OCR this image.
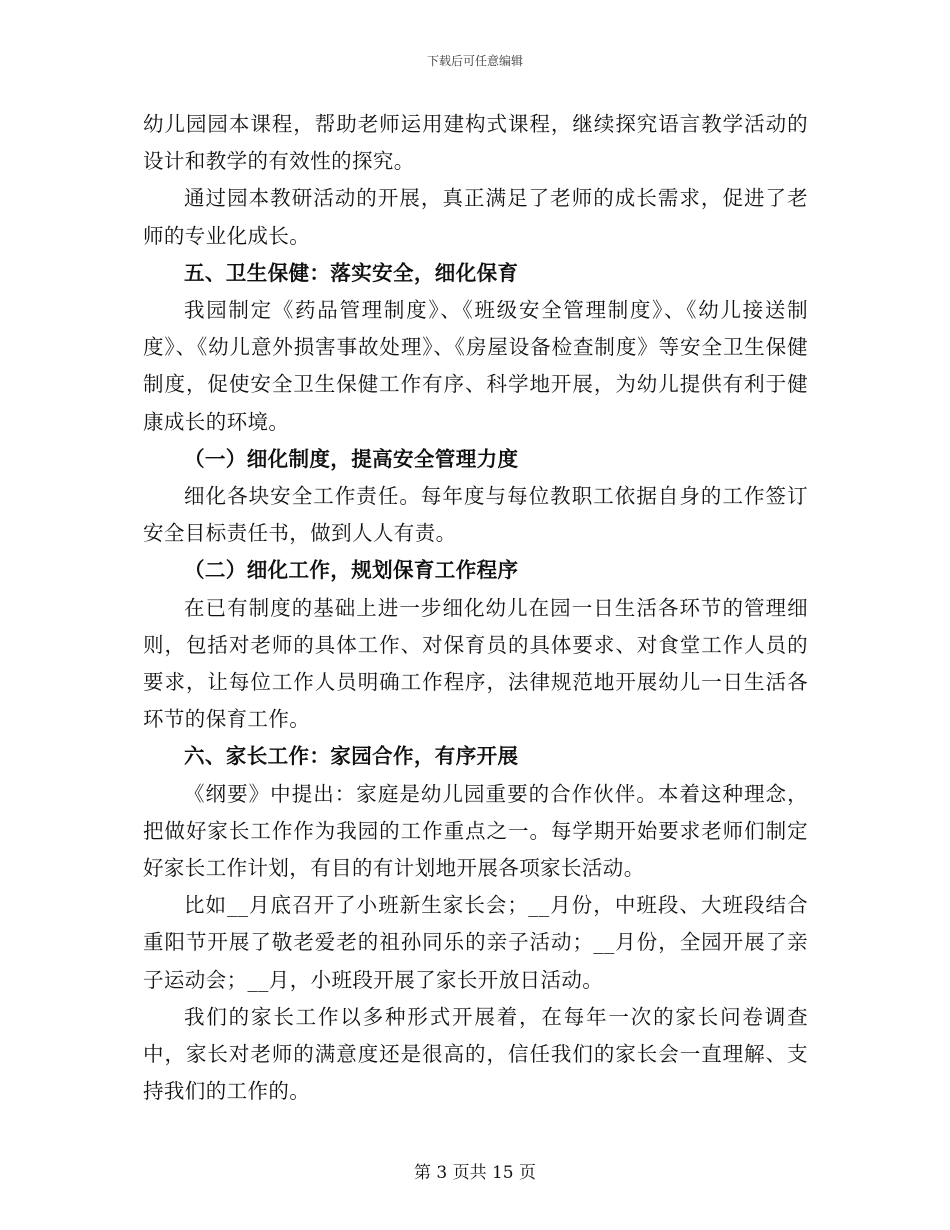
下载后可任意编辑

幼儿园园本课程，帮助老师运用建构式课程，继续探究语言教学活动的设计和教学的有效性的探究。

通过园本教研活动的开展，真正满足了老师的成长需求，促进了老师的专业化成长。

五、卫生保健：落实安全，细化保育

我园制定《药品管理制度》、《班级安全管理制度》、《幼儿接送制度》、《幼儿意外损害事故处理》、《房屋设备检查制度》等安全卫生保健制度，促使安全卫生保健工作有序、科学地开展，为幼儿提供有利于健康成长的环境。

（一）细化制度，提高安全管理力度

细化各块安全工作责任。每年度与每位教职工依据自身的工作签订安全目标责任书，做到人人有责。

（二）细化工作，规划保育工作程序

在已有制度的基础上进一步细化幼儿在园一日生活各环节的管理细则，包括对老师的具体工作、对保育员的具体要求、对食堂工作人员的要求，让每位工作人员明确工作程序，法律规范地开展幼儿一日生活各环节的保育工作。

六、家长工作：家园合作，有序开展

《纲要》中提出：家庭是幼儿园重要的合作伙伴。本着这种理念，把做好家长工作作为我园的工作重点之一。每学期开始要求老师们制定好家长工作计划，有目的有计划地开展各项家长活动。

比如__月底召开了小班新生家长会；__月份，中班段、大班段结合重阳节开展了敬老爱老的祖孙同乐的亲子活动；__月份，全园开展了亲子运动会；__月，小班段开展了家长开放日活动。

我们的家长工作以多种形式开展着，在每年一次的家长问卷调查中，家长对老师的满意度还是很高的，信任我们的家长会一直理解、支持我们的工作的。

第 3 页共 15 页
